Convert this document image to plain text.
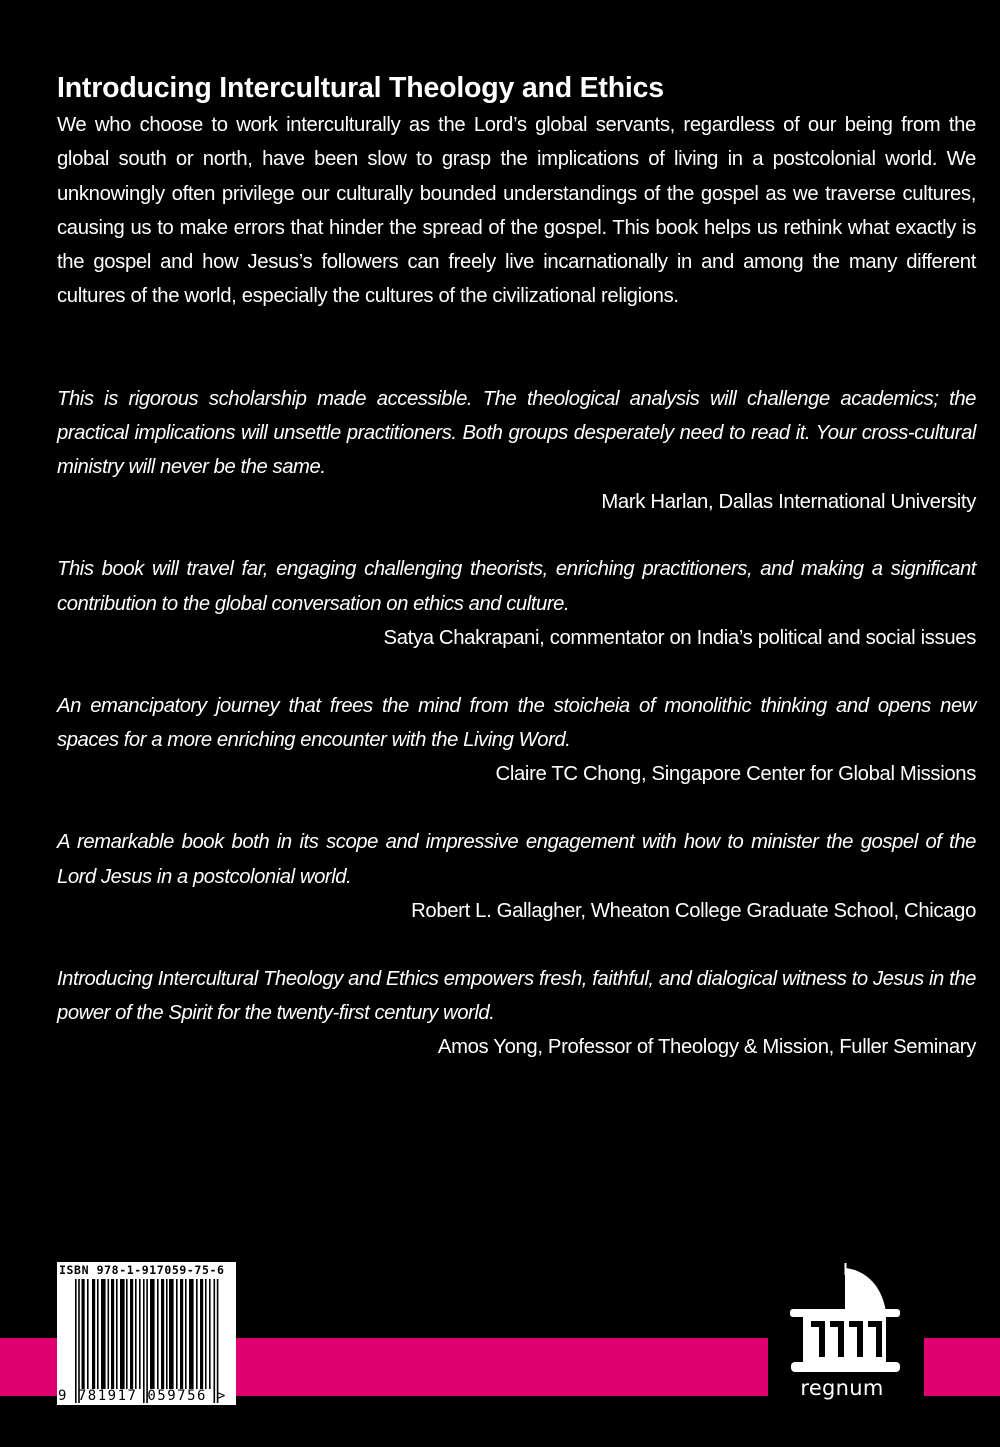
Introducing Intercultural Theology and Ethics

We who choose to work interculturally as the Lord’s global servants, regardless of our being from the global south or north, have been slow to grasp the implications of living in a postcolonial world. We unknowingly often privilege our culturally bounded understandings of the gospel as we traverse cultures, causing us to make errors that hinder the spread of the gospel. This book helps us rethink what exactly is the gospel and how Jesus’s followers can freely live incarnationally in and among the many different cultures of the world, especially the cultures of the civilizational religions.

This is rigorous scholarship made accessible. The theological analysis will challenge academics; the practical implications will unsettle practitioners. Both groups desperately need to read it. Your cross-cultural ministry will never be the same.

Mark Harlan, Dallas International University

This book will travel far, engaging challenging theorists, enriching practitioners, and making a significant contribution to the global conversation on ethics and culture.

Satya Chakrapani, commentator on India’s political and social issues

An emancipatory journey that frees the mind from the stoicheia of monolithic thinking and opens new spaces for a more enriching encounter with the Living Word.

Claire TC Chong, Singapore Center for Global Missions

A remarkable book both in its scope and impressive engagement with how to minister the gospel of the Lord Jesus in a postcolonial world.

Robert L. Gallagher, Wheaton College Graduate School, Chicago

Introducing Intercultural Theology and Ethics empowers fresh, faithful, and dialogical witness to Jesus in the power of the Spirit for the twenty-first century world.

Amos Yong, Professor of Theology & Mission, Fuller Seminary

ISBN 978-1-917059-75-6
9 781917 059756 >	regnum
